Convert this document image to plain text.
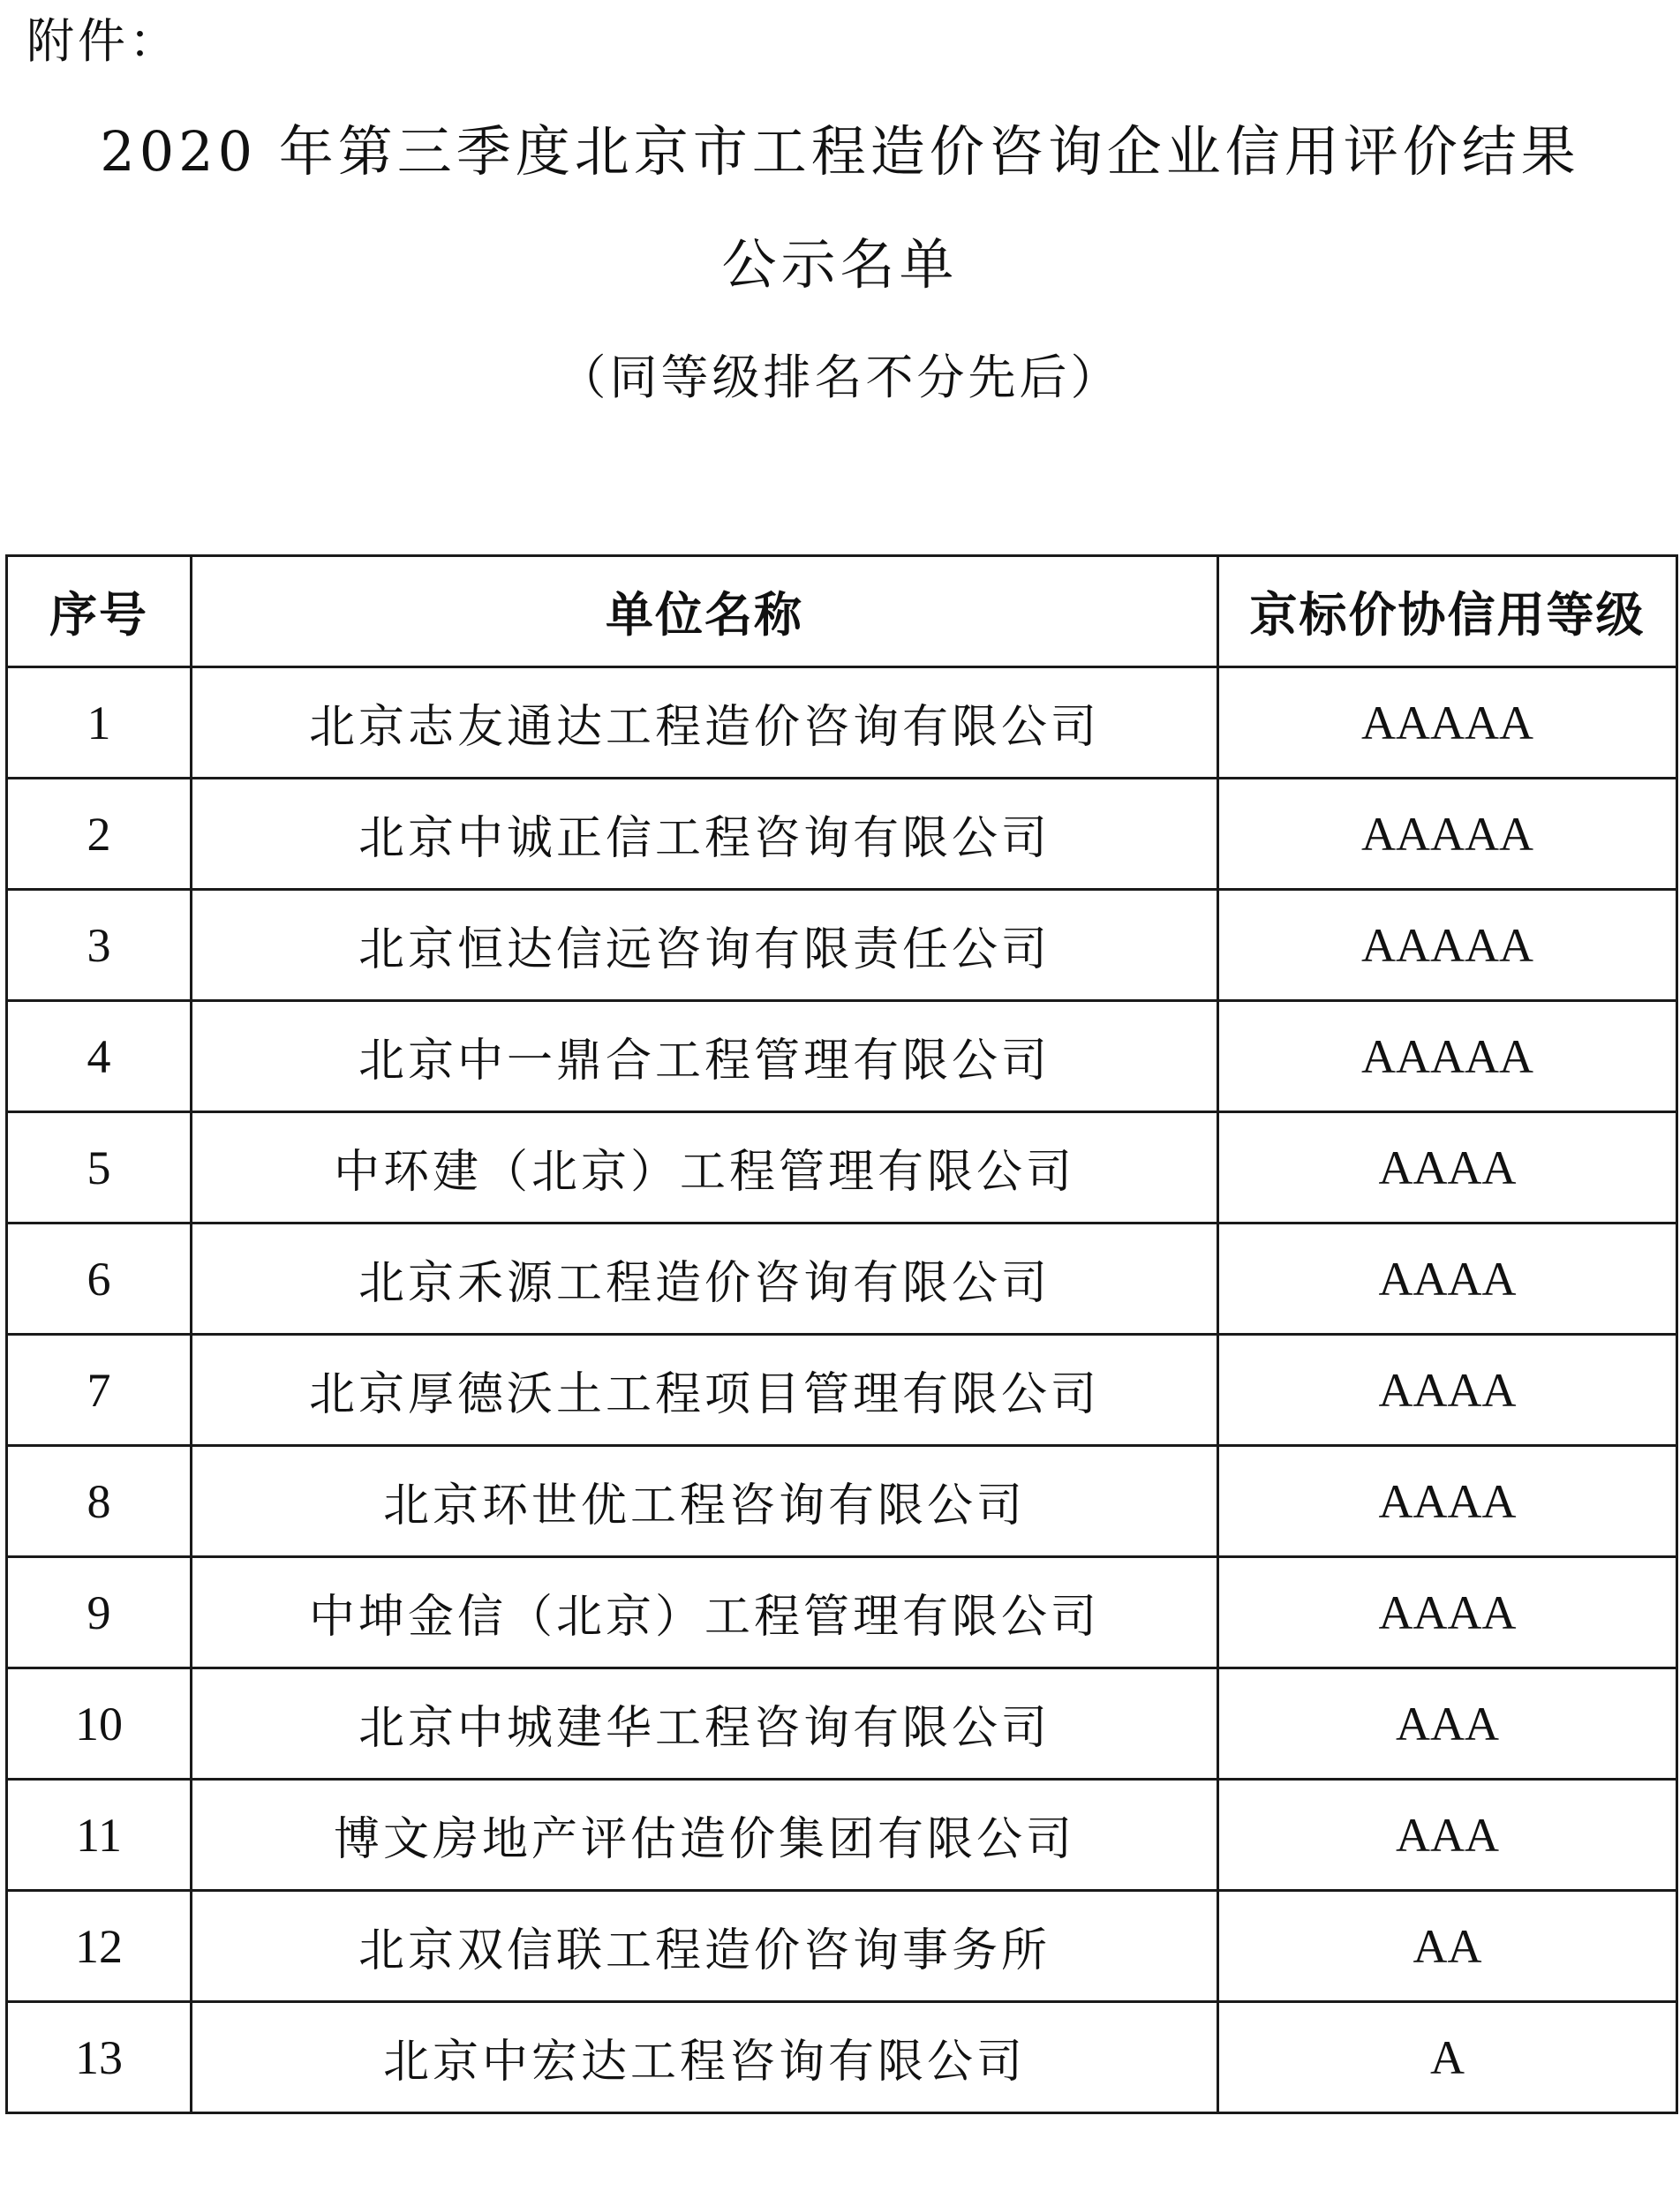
附件：
2020 年第三季度北京市工程造价咨询企业信用评价结果
公示名单
（同等级排名不分先后）
序号	单位名称	京标价协信用等级
1	北京志友通达工程造价咨询有限公司	AAAAA
2	北京中诚正信工程咨询有限公司	AAAAA
3	北京恒达信远咨询有限责任公司	AAAAA
4	北京中一鼎合工程管理有限公司	AAAAA
5	中环建（北京）工程管理有限公司	AAAA
6	北京禾源工程造价咨询有限公司	AAAA
7	北京厚德沃土工程项目管理有限公司	AAAA
8	北京环世优工程咨询有限公司	AAAA
9	中坤金信（北京）工程管理有限公司	AAAA
10	北京中城建华工程咨询有限公司	AAA
11	博文房地产评估造价集团有限公司	AAA
12	北京双信联工程造价咨询事务所	AA
13	北京中宏达工程咨询有限公司	A
